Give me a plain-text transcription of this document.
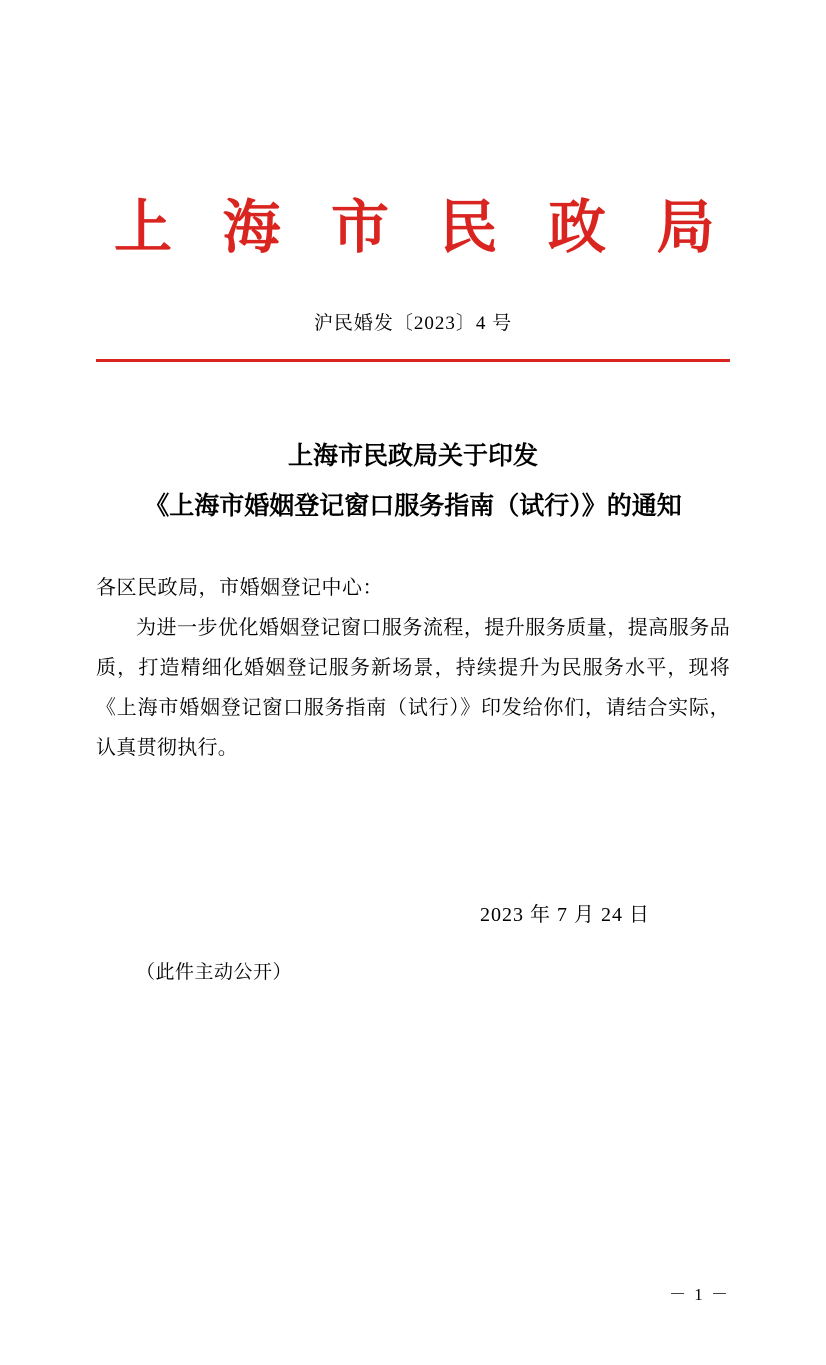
上 海 市 民 政 局
沪民婚发〔2023〕4 号
上海市民政局关于印发
《上海市婚姻登记窗口服务指南（试行）》的通知
各区民政局，市婚姻登记中心：
为进一步优化婚姻登记窗口服务流程，提升服务质量，提高服务品质，打造精细化婚姻登记服务新场景，持续提升为民服务水平，现将《上海市婚姻登记窗口服务指南（试行）》印发给你们，请结合实际，认真贯彻执行。
2023 年 7 月 24 日
（此件主动公开）
－ 1 －
